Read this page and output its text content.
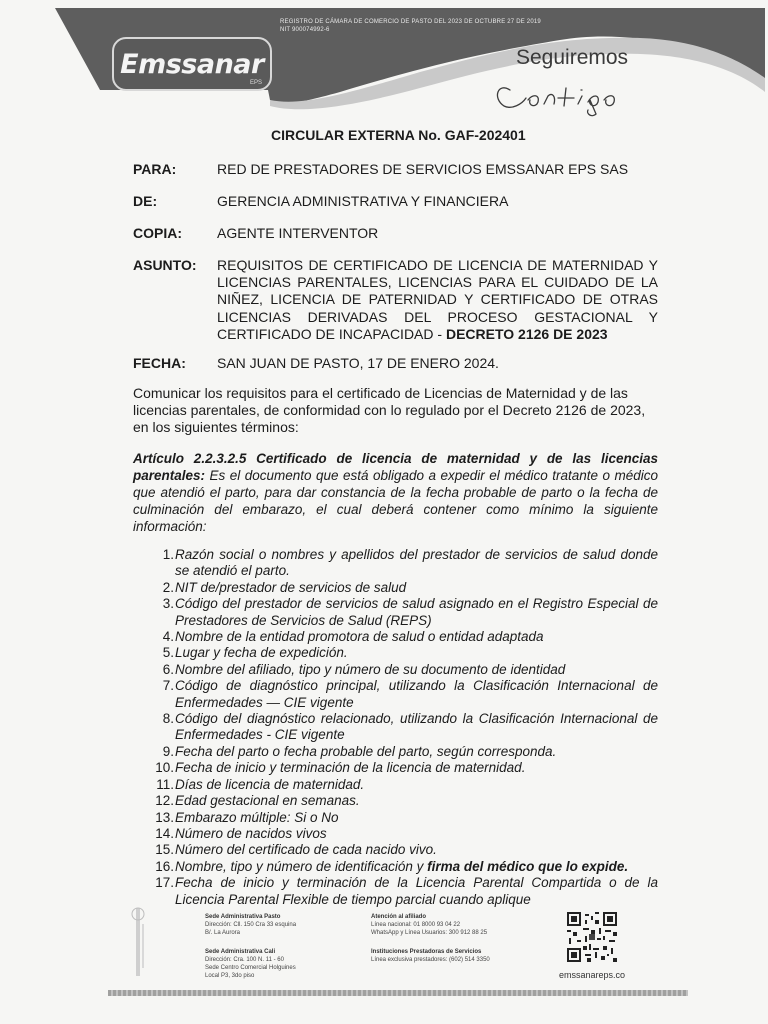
REGISTRO DE CÁMARA DE COMERCIO DE PASTO DEL 2023 DE OCTUBRE 27 DE 2019
NIT 900074992-6
Emssanar
EPS
Seguiremos
CIRCULAR EXTERNA No. GAF-202401
PARA:	RED DE PRESTADORES DE SERVICIOS EMSSANAR EPS SAS
DE:	GERENCIA ADMINISTRATIVA Y FINANCIERA
COPIA:	AGENTE INTERVENTOR
ASUNTO: REQUISITOS DE CERTIFICADO DE LICENCIA DE MATERNIDAD Y LICENCIAS PARENTALES, LICENCIAS PARA EL CUIDADO DE LA NIÑEZ, LICENCIA DE PATERNIDAD Y CERTIFICADO DE OTRAS LICENCIAS DERIVADAS DEL PROCESO GESTACIONAL Y CERTIFICADO DE INCAPACIDAD - DECRETO 2126 DE 2023
FECHA: SAN JUAN DE PASTO, 17 DE ENERO 2024.
Comunicar los requisitos para el certificado de Licencias de Maternidad y de las licencias parentales, de conformidad con lo regulado por el Decreto 2126 de 2023, en los siguientes términos:
Artículo 2.2.3.2.5 Certificado de licencia de maternidad y de las licencias parentales: Es el documento que está obligado a expedir el médico tratante o médico que atendió el parto, para dar constancia de la fecha probable de parto o la fecha de culminación del embarazo, el cual deberá contener como mínimo la siguiente información:
1. Razón social o nombres y apellidos del prestador de servicios de salud donde se atendió el parto.
2. NIT de/prestador de servicios de salud
3. Código del prestador de servicios de salud asignado en el Registro Especial de Prestadores de Servicios de Salud (REPS)
4. Nombre de la entidad promotora de salud o entidad adaptada
5. Lugar y fecha de expedición.
6. Nombre del afiliado, tipo y número de su documento de identidad
7. Código de diagnóstico principal, utilizando la Clasificación Internacional de Enfermedades — CIE vigente
8. Código del diagnóstico relacionado, utilizando la Clasificación Internacional de Enfermedades - CIE vigente
9. Fecha del parto o fecha probable del parto, según corresponda.
10. Fecha de inicio y terminación de la licencia de maternidad.
11. Días de licencia de maternidad.
12. Edad gestacional en semanas.
13. Embarazo múltiple: Si o No
14. Número de nacidos vivos
15. Número del certificado de cada nacido vivo.
16. Nombre, tipo y número de identificación y firma del médico que lo expide.
17. Fecha de inicio y terminación de la Licencia Parental Compartida o de la Licencia Parental Flexible de tiempo parcial cuando aplique
Sede Administrativa Pasto
Dirección: Cll. 150 Cra 33 esquina
B/. La Aurora
Sede Administrativa Cali
Dirección: Cra. 100 N. 11 - 60
Sede Centro Comercial Holguines
Local P3, 3do piso
Atención al afiliado
Línea nacional: 01 8000 93 04 22
WhatsApp y Línea Usuarios: 300 912 88 25
Instituciones Prestadoras de Servicios
Línea exclusiva prestadores: (602) 514 3350
emssanareps.co
